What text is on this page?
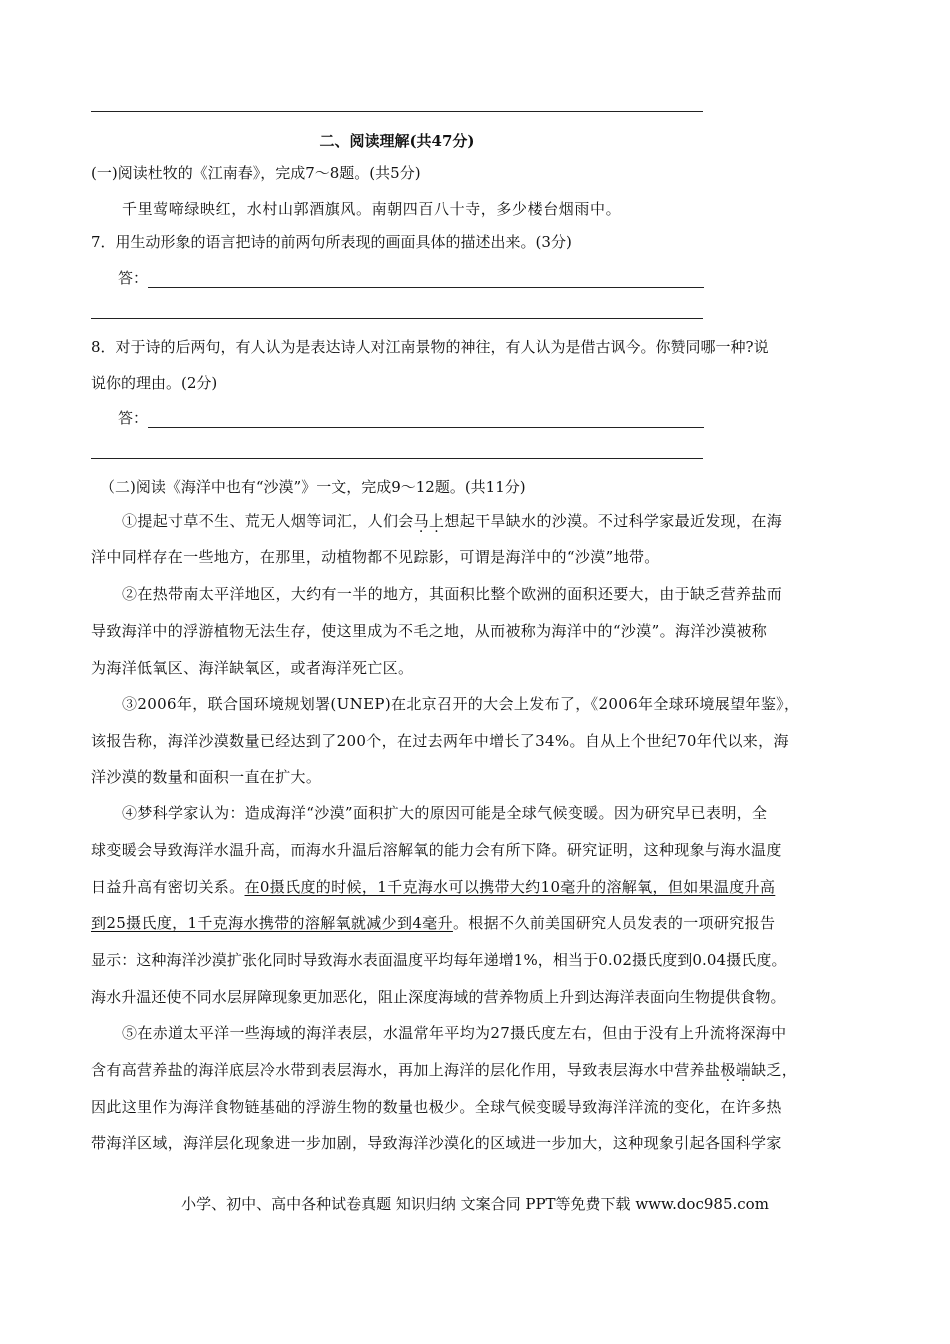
二、阅读理解(共47分)
(一)阅读杜牧的《江南春》，完成7～8题。(共5分)
千里莺啼绿映红，水村山郭酒旗风。南朝四百八十寺，多少楼台烟雨中。
7．用生动形象的语言把诗的前两句所表现的画面具体的描述出来。(3分)
答：
8．对于诗的后两句，有人认为是表达诗人对江南景物的神往，有人认为是借古讽今。你赞同哪一种?说
说你的理由。(2分)
答：
（二)阅读《海洋中也有“沙漠”》一文，完成9～12题。(共11分)
①提起寸草不生、荒无人烟等词汇，人们会马上想起干旱缺水的沙漠。不过科学家最近发现，在海
洋中同样存在一些地方，在那里，动植物都不见踪影，可谓是海洋中的“沙漠”地带。
②在热带南太平洋地区，大约有一半的地方，其面积比整个欧洲的面积还要大，由于缺乏营养盐而
导致海洋中的浮游植物无法生存，使这里成为不毛之地，从而被称为海洋中的“沙漠”。海洋沙漠被称
为海洋低氧区、海洋缺氧区，或者海洋死亡区。
③2006年，联合国环境规划署(UNEP)在北京召开的大会上发布了，《2006年全球环境展望年鉴》，
该报告称，海洋沙漠数量已经达到了200个，在过去两年中增长了34%。自从上个世纪70年代以来，海
洋沙漠的数量和面积一直在扩大。
④梦科学家认为：造成海洋“沙漠”面积扩大的原因可能是全球气候变暖。因为研究早已表明，全
球变暖会导致海洋水温升高，而海水升温后溶解氧的能力会有所下降。研究证明，这种现象与海水温度
日益升高有密切关系。在0摄氏度的时候，1千克海水可以携带大约10毫升的溶解氧，但如果温度升高
到25摄氏度，1千克海水携带的溶解氧就减少到4毫升。根据不久前美国研究人员发表的一项研究报告
显示：这种海洋沙漠扩张化同时导致海水表面温度平均每年递增1%，相当于0.02摄氏度到0.04摄氏度。
海水升温还使不同水层屏障现象更加恶化，阻止深度海域的营养物质上升到达海洋表面向生物提供食物。
⑤在赤道太平洋一些海域的海洋表层，水温常年平均为27摄氏度左右，但由于没有上升流将深海中
含有高营养盐的海洋底层冷水带到表层海水，再加上海洋的层化作用，导致表层海水中营养盐极端缺乏，
因此这里作为海洋食物链基础的浮游生物的数量也极少。全球气候变暖导致海洋洋流的变化，在许多热
带海洋区域，海洋层化现象进一步加剧，导致海洋沙漠化的区域进一步加大，这种现象引起各国科学家
小学、初中、高中各种试卷真题 知识归纳 文案合同 PPT等免费下载 www.doc985.com
